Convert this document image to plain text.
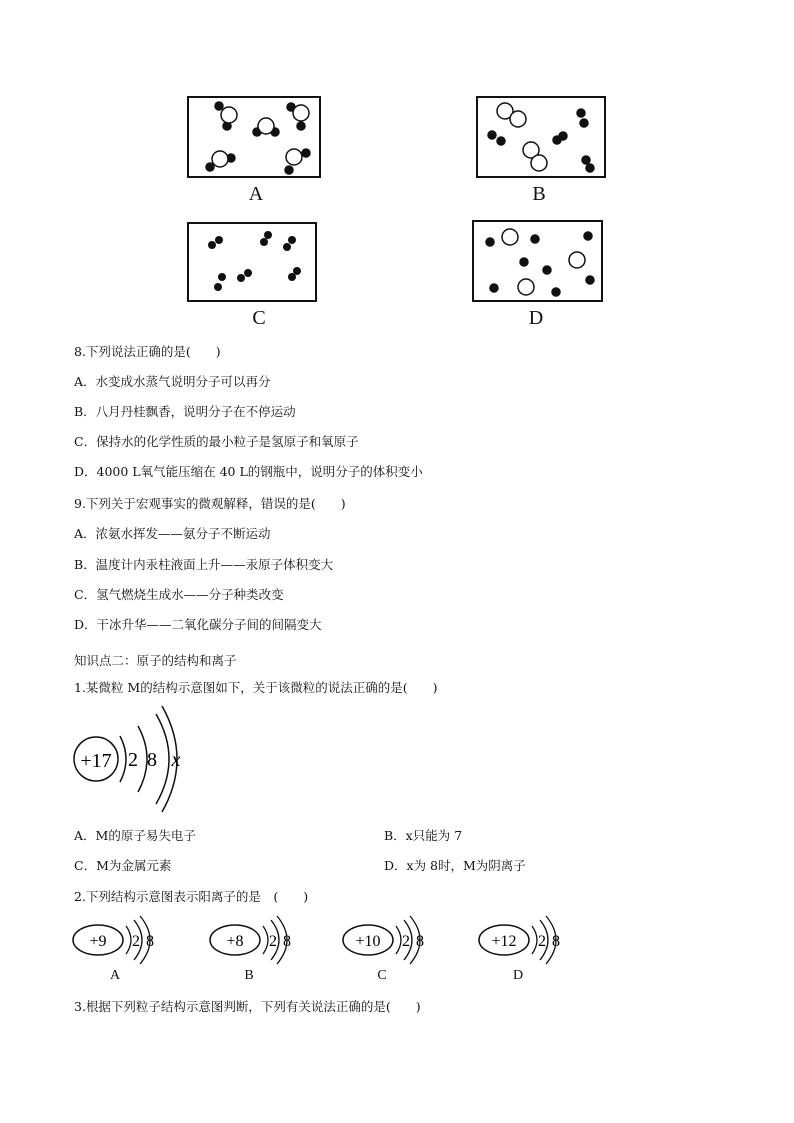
A	B
C	D
8.下列说法正确的是(　　)
A．水变成水蒸气说明分子可以再分
B．八月丹桂飘香，说明分子在不停运动
C．保持水的化学性质的最小粒子是氢原子和氧原子
D．4000 L氧气能压缩在 40 L的钢瓶中，说明分子的体积变小
9.下列关于宏观事实的微观解释，错误的是(　　)
A．浓氨水挥发——氨分子不断运动
B．温度计内汞柱液面上升——汞原子体积变大
C．氢气燃烧生成水——分子种类改变
D．干冰升华——二氧化碳分子间的间隔变大
知识点二：原子的结构和离子
1.某微粒 M的结构示意图如下，关于该微粒的说法正确的是(　　)
+17 2 8 x
A．M的原子易失电子	B．x只能为 7
C．M为金属元素	D．x为 8时，M为阴离子
2.下列结构示意图表示阳离子的是　(　　)
+9 2 8
A
+8 2 8
B
+10 2 8
C
+12 2 8
D
3.根据下列粒子结构示意图判断，下列有关说法正确的是(　　)
